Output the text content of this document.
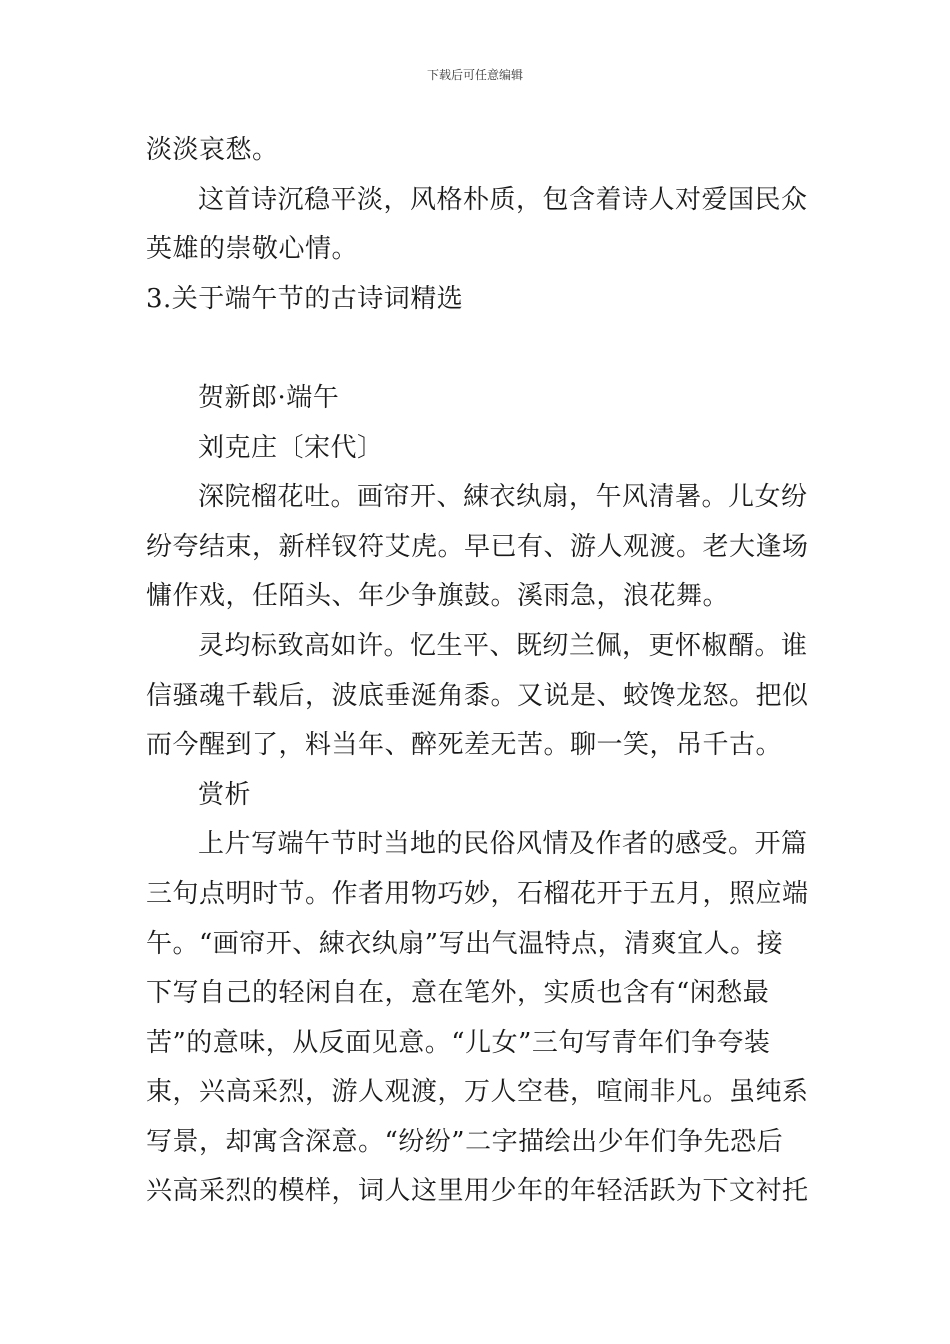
下载后可任意编辑
淡淡哀愁。
这首诗沉稳平淡，风格朴质，包含着诗人对爱国民众
英雄的崇敬心情。
3.关于端午节的古诗词精选
贺新郎·端午
刘克庄〔宋代〕
深院榴花吐。画帘开、綀衣纨扇，午风清暑。儿女纷
纷夸结束，新样钗符艾虎。早已有、游人观渡。老大逢场
慵作戏，任陌头、年少争旗鼓。溪雨急，浪花舞。
灵均标致高如许。忆生平、既纫兰佩，更怀椒醑。谁
信骚魂千载后，波底垂涎角黍。又说是、蛟馋龙怒。把似
而今醒到了，料当年、醉死差无苦。聊一笑，吊千古。
赏析
上片写端午节时当地的民俗风情及作者的感受。开篇
三句点明时节。作者用物巧妙，石榴花开于五月，照应端
午。“画帘开、綀衣纨扇”写出气温特点，清爽宜人。接
下写自己的轻闲自在，意在笔外，实质也含有“闲愁最
苦”的意味，从反面见意。“儿女”三句写青年们争夸装
束，兴高采烈，游人观渡，万人空巷，喧闹非凡。虽纯系
写景，却寓含深意。“纷纷”二字描绘出少年们争先恐后
兴高采烈的模样，词人这里用少年的年轻活跃为下文衬托
